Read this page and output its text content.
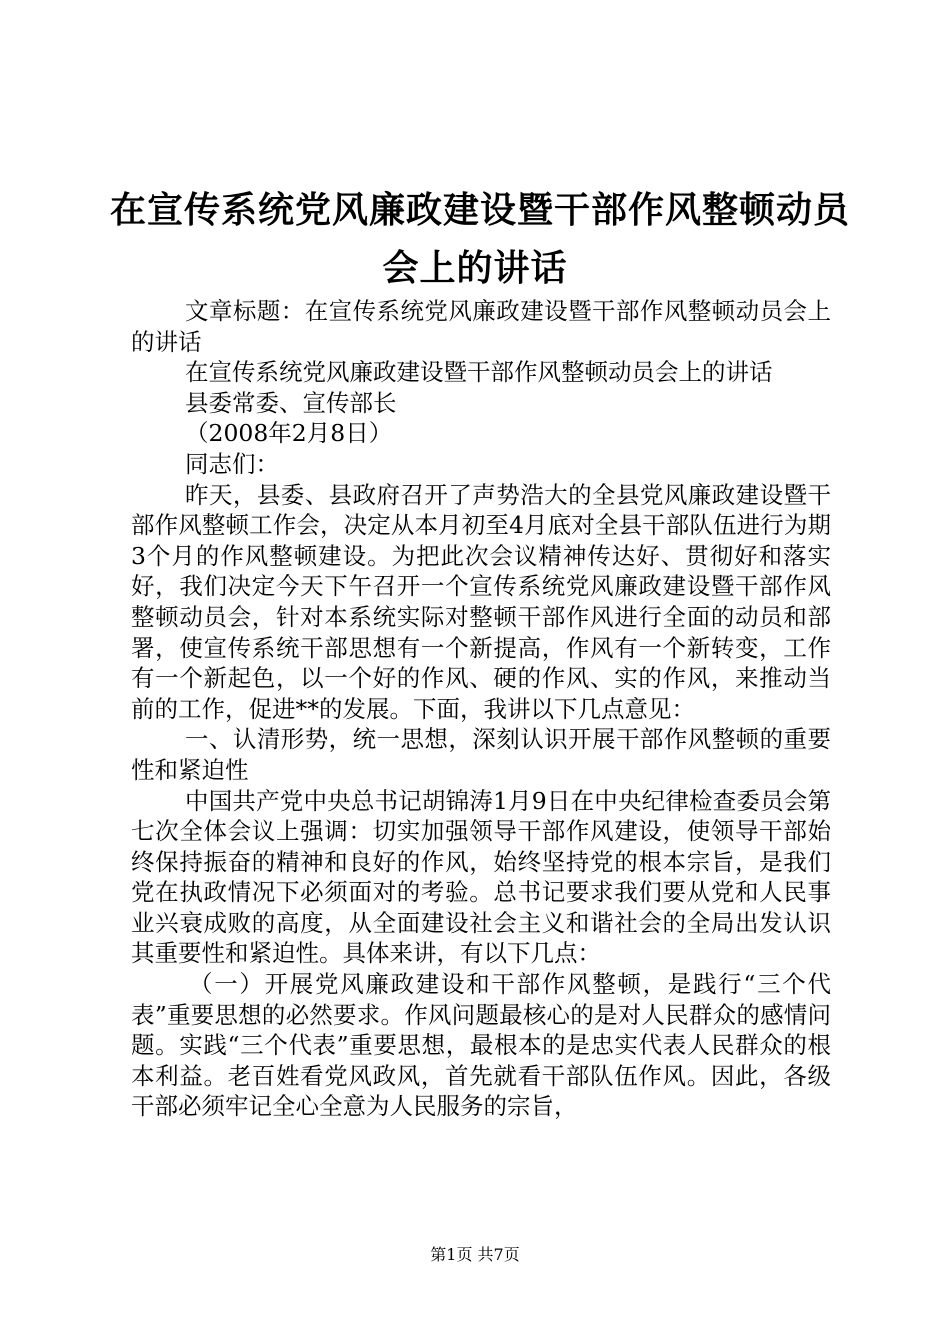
在宣传系统党风廉政建设暨干部作风整顿动员
会上的讲话

文章标题：在宣传系统党风廉政建设暨干部作风整顿动员会上的讲话

在宣传系统党风廉政建设暨干部作风整顿动员会上的讲话

县委常委、宣传部长

（2008年2月8日）

同志们：

昨天，县委、县政府召开了声势浩大的全县党风廉政建设暨干部作风整顿工作会，决定从本月初至4月底对全县干部队伍进行为期3个月的作风整顿建设。为把此次会议精神传达好、贯彻好和落实好，我们决定今天下午召开一个宣传系统党风廉政建设暨干部作风整顿动员会，针对本系统实际对整顿干部作风进行全面的动员和部署，使宣传系统干部思想有一个新提高，作风有一个新转变，工作有一个新起色，以一个好的作风、硬的作风、实的作风，来推动当前的工作，促进**的发展。下面，我讲以下几点意见：

一、认清形势，统一思想，深刻认识开展干部作风整顿的重要性和紧迫性

中国共产党中央总书记胡锦涛1月9日在中央纪律检查委员会第七次全体会议上强调：切实加强领导干部作风建设，使领导干部始终保持振奋的精神和良好的作风，始终坚持党的根本宗旨，是我们党在执政情况下必须面对的考验。总书记要求我们要从党和人民事业兴衰成败的高度，从全面建设社会主义和谐社会的全局出发认识其重要性和紧迫性。具体来讲，有以下几点：

（一）开展党风廉政建设和干部作风整顿，是践行“三个代表”重要思想的必然要求。作风问题最核心的是对人民群众的感情问题。实践“三个代表”重要思想，最根本的是忠实代表人民群众的根本利益。老百姓看党风政风，首先就看干部队伍作风。因此，各级干部必须牢记全心全意为人民服务的宗旨，

第1页 共7页
